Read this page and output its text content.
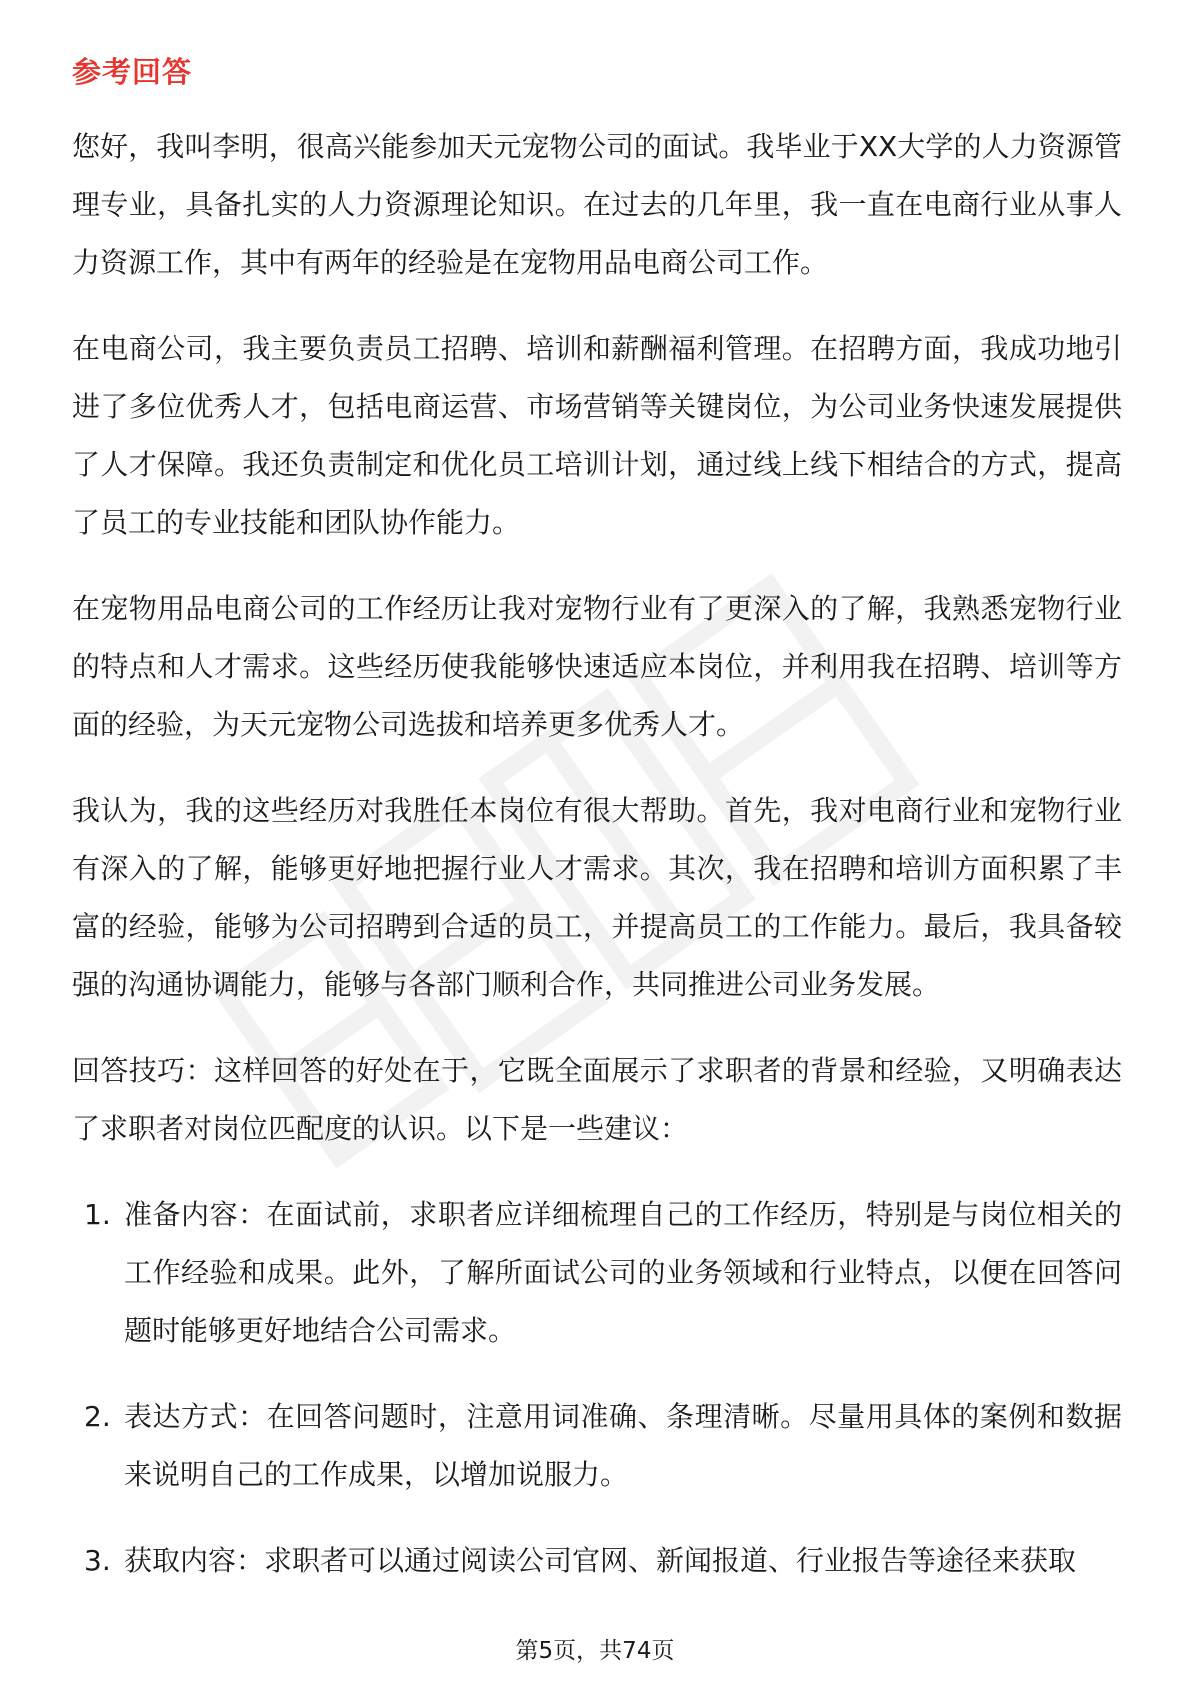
参考回答

您好，我叫李明，很高兴能参加天元宠物公司的面试。我毕业于XX大学的人力资源管理专业，具备扎实的人力资源理论知识。在过去的几年里，我一直在电商行业从事人力资源工作，其中有两年的经验是在宠物用品电商公司工作。

在电商公司，我主要负责员工招聘、培训和薪酬福利管理。在招聘方面，我成功地引进了多位优秀人才，包括电商运营、市场营销等关键岗位，为公司业务快速发展提供了人才保障。我还负责制定和优化员工培训计划，通过线上线下相结合的方式，提高了员工的专业技能和团队协作能力。

在宠物用品电商公司的工作经历让我对宠物行业有了更深入的了解，我熟悉宠物行业的特点和人才需求。这些经历使我能够快速适应本岗位，并利用我在招聘、培训等方面的经验，为天元宠物公司选拔和培养更多优秀人才。

我认为，我的这些经历对我胜任本岗位有很大帮助。首先，我对电商行业和宠物行业有深入的了解，能够更好地把握行业人才需求。其次，我在招聘和培训方面积累了丰富的经验，能够为公司招聘到合适的员工，并提高员工的工作能力。最后，我具备较强的沟通协调能力，能够与各部门顺利合作，共同推进公司业务发展。

回答技巧：这样回答的好处在于，它既全面展示了求职者的背景和经验，又明确表达了求职者对岗位匹配度的认识。以下是一些建议：

1. 准备内容：在面试前，求职者应详细梳理自己的工作经历，特别是与岗位相关的工作经验和成果。此外，了解所面试公司的业务领域和行业特点，以便在回答问题时能够更好地结合公司需求。
2. 表达方式：在回答问题时，注意用词准确、条理清晰。尽量用具体的案例和数据来说明自己的工作成果，以增加说服力。
3. 获取内容：求职者可以通过阅读公司官网、新闻报道、行业报告等途径来获取
第5页，共74页
